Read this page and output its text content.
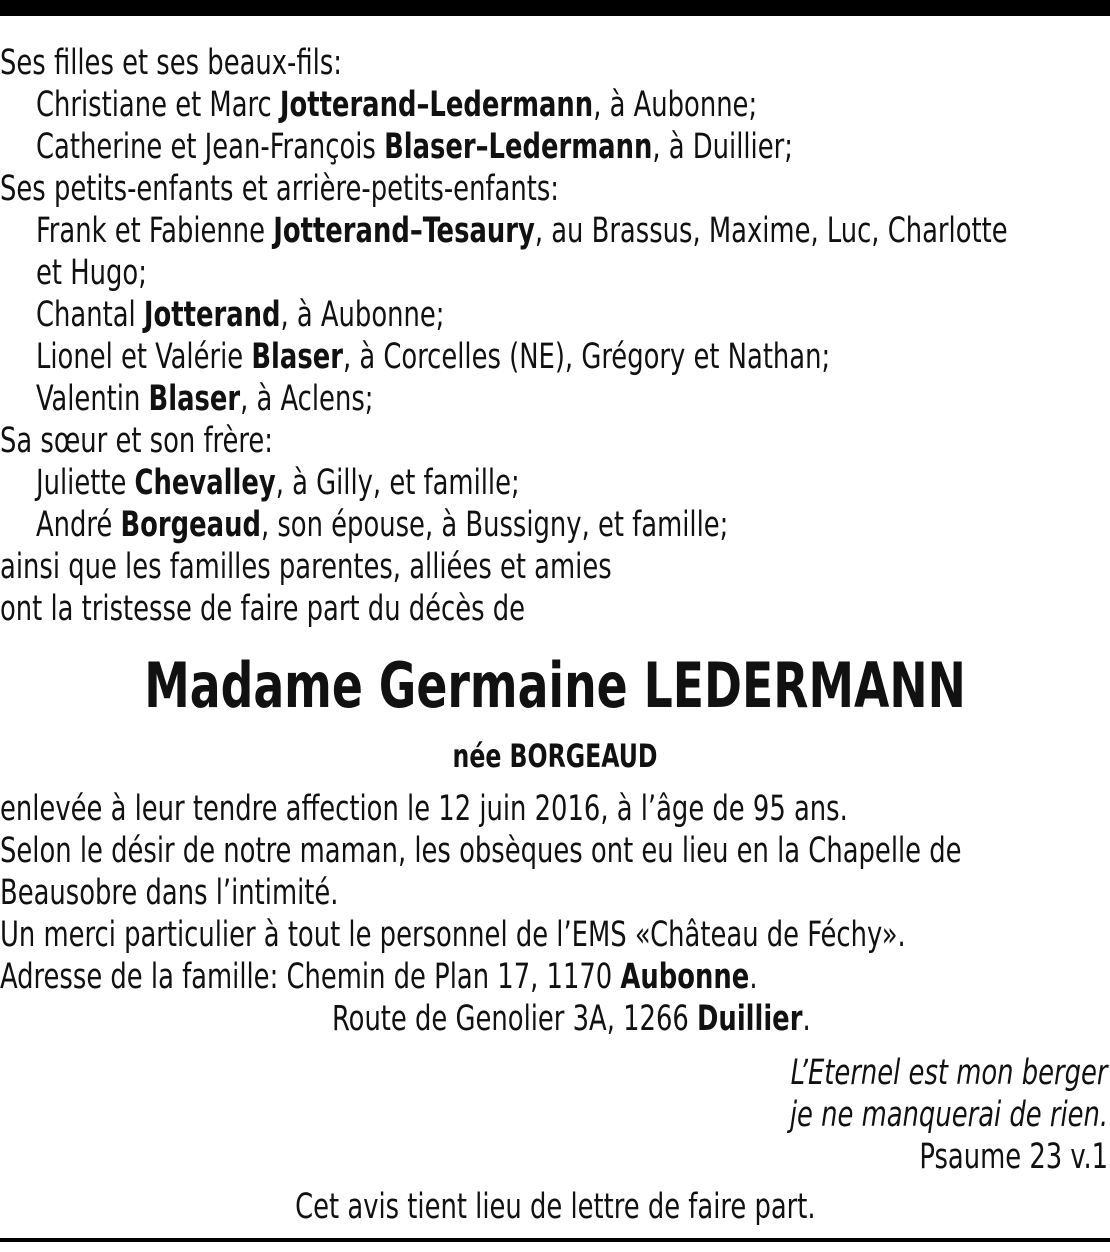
Ses filles et ses beaux-fils:
Christiane et Marc Jotterand–Ledermann, à Aubonne;
Catherine et Jean-François Blaser–Ledermann, à Duillier;
Ses petits-enfants et arrière-petits-enfants:
Frank et Fabienne Jotterand–Tesaury, au Brassus, Maxime, Luc, Charlotte
et Hugo;
Chantal Jotterand, à Aubonne;
Lionel et Valérie Blaser, à Corcelles (NE), Grégory et Nathan;
Valentin Blaser, à Aclens;
Sa sœur et son frère:
Juliette Chevalley, à Gilly, et famille;
André Borgeaud, son épouse, à Bussigny, et famille;
ainsi que les familles parentes, alliées et amies
ont la tristesse de faire part du décès de
Madame Germaine LEDERMANN
née BORGEAUD
enlevée à leur tendre affection le 12 juin 2016, à l’âge de 95 ans.
Selon le désir de notre maman, les obsèques ont eu lieu en la Chapelle de
Beausobre dans l’intimité.
Un merci particulier à tout le personnel de l’EMS «Château de Féchy».
Adresse de la famille: Chemin de Plan 17, 1170 Aubonne.
Route de Genolier 3A, 1266 Duillier.
L’Eternel est mon berger
je ne manquerai de rien.
Psaume 23 v.1
Cet avis tient lieu de lettre de faire part.
